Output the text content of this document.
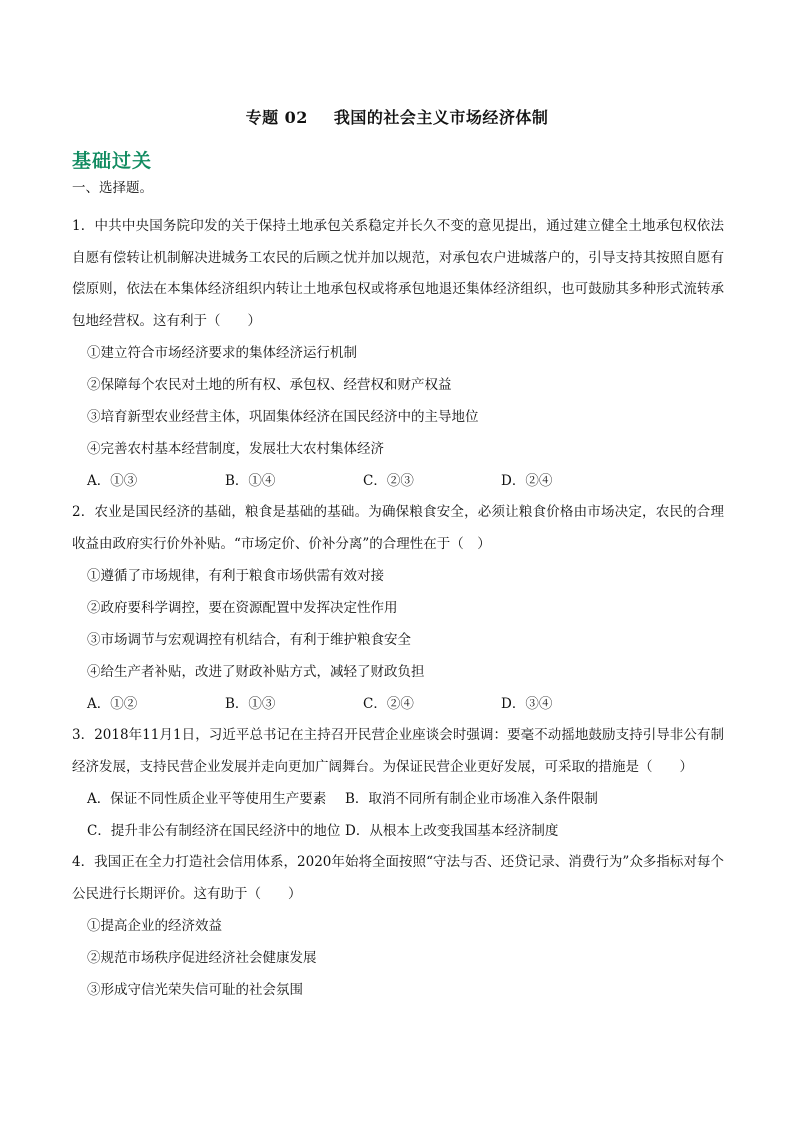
专题 02 我国的社会主义市场经济体制
基础过关
一、选择题。
1．中共中央国务院印发的关于保持土地承包关系稳定并长久不变的意见提出，通过建立健全土地承包权依法自愿有偿转让机制解决进城务工农民的后顾之忧并加以规范，对承包农户进城落户的，引导支持其按照自愿有偿原则，依法在本集体经济组织内转让土地承包权或将承包地退还集体经济组织，也可鼓励其多种形式流转承包地经营权。这有利于（　　）
①建立符合市场经济要求的集体经济运行机制
②保障每个农民对土地的所有权、承包权、经营权和财产权益
③培育新型农业经营主体，巩固集体经济在国民经济中的主导地位
④完善农村基本经营制度，发展壮大农村集体经济
A．①③	B．①④	C．②③	D．②④
2．农业是国民经济的基础，粮食是基础的基础。为确保粮食安全，必须让粮食价格由市场决定，农民的合理收益由政府实行价外补贴。“市场定价、价补分离”的合理性在于（　）
①遵循了市场规律，有利于粮食市场供需有效对接
②政府要科学调控，要在资源配置中发挥决定性作用
③市场调节与宏观调控有机结合，有利于维护粮食安全
④给生产者补贴，改进了财政补贴方式，减轻了财政负担
A．①②	B．①③	C．②④	D．③④
3．2018年11月1日，习近平总书记在主持召开民营企业座谈会时强调：要毫不动摇地鼓励支持引导非公有制经济发展，支持民营企业发展并走向更加广阔舞台。为保证民营企业更好发展，可采取的措施是（　　）
A．保证不同性质企业平等使用生产要素	B．取消不同所有制企业市场准入条件限制
C．提升非公有制经济在国民经济中的地位 D．从根本上改变我国基本经济制度
4．我国正在全力打造社会信用体系，2020年始将全面按照“守法与否、还贷记录、消费行为”众多指标对每个公民进行长期评价。这有助于（　　）
①提高企业的经济效益
②规范市场秩序促进经济社会健康发展
③形成守信光荣失信可耻的社会氛围
